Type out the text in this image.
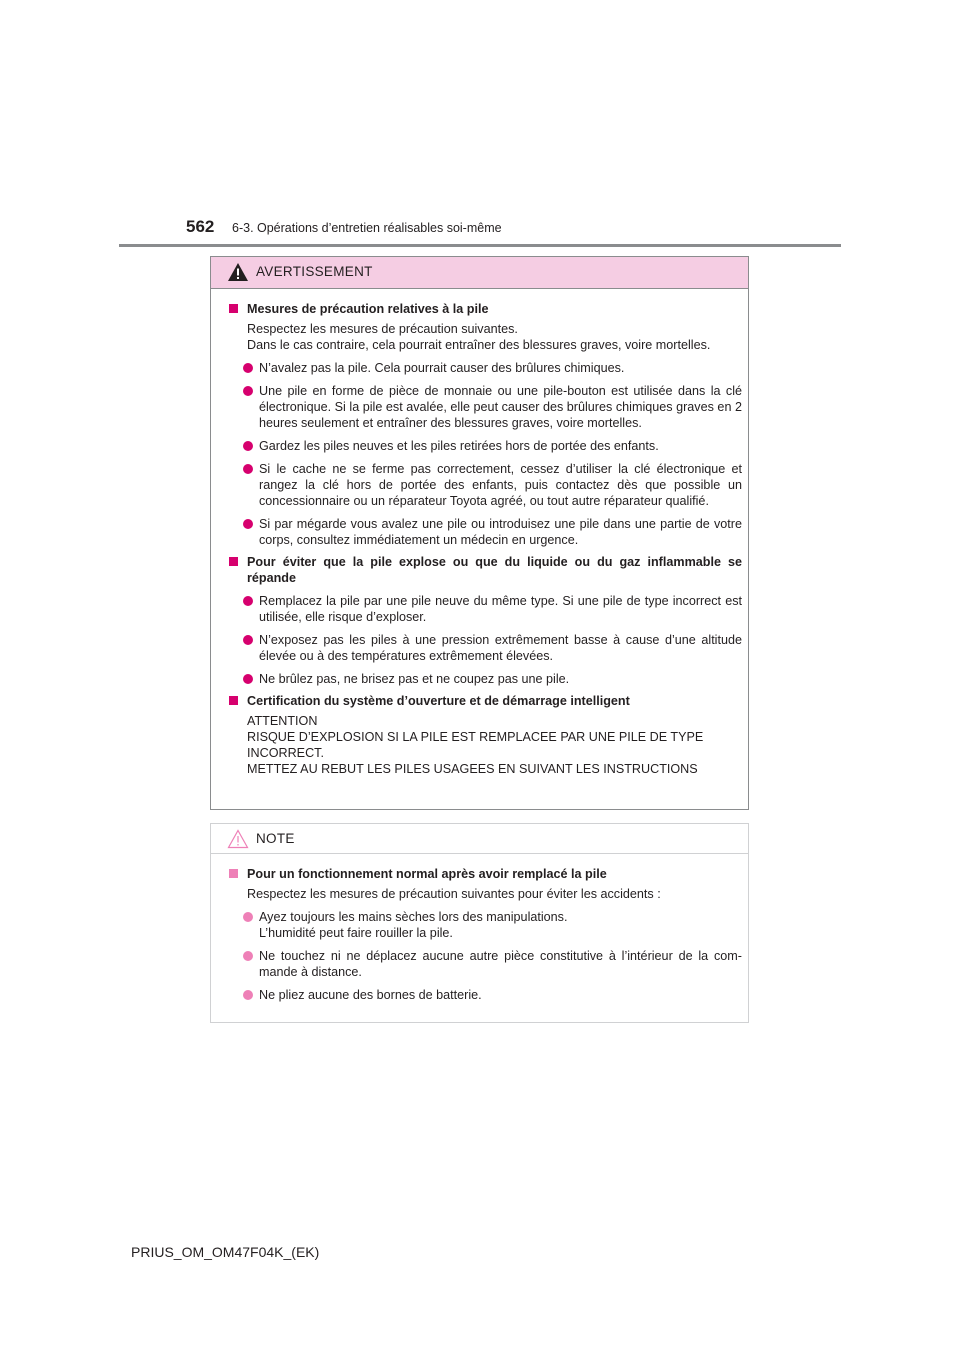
562 6-3. Opérations d’entretien réalisables soi-même
AVERTISSEMENT
Mesures de précaution relatives à la pile
Respectez les mesures de précaution suivantes.
Dans le cas contraire, cela pourrait entraîner des blessures graves, voire mortelles.
N’avalez pas la pile. Cela pourrait causer des brûlures chimiques.
Une pile en forme de pièce de monnaie ou une pile-bouton est utilisée dans la clé électronique. Si la pile est avalée, elle peut causer des brûlures chimiques graves en 2 heures seulement et entraîner des blessures graves, voire mortelles.
Gardez les piles neuves et les piles retirées hors de portée des enfants.
Si le cache ne se ferme pas correctement, cessez d’utiliser la clé électronique et rangez la clé hors de portée des enfants, puis contactez dès que possible un concessionnaire ou un réparateur Toyota agréé, ou tout autre réparateur qualifié.
Si par mégarde vous avalez une pile ou introduisez une pile dans une partie de votre corps, consultez immédiatement un médecin en urgence.
Pour éviter que la pile explose ou que du liquide ou du gaz inflammable se répande
Remplacez la pile par une pile neuve du même type. Si une pile de type incorrect est utilisée, elle risque d’exploser.
N’exposez pas les piles à une pression extrêmement basse à cause d’une altitude élevée ou à des températures extrêmement élevées.
Ne brûlez pas, ne brisez pas et ne coupez pas une pile.
Certification du système d’ouverture et de démarrage intelligent
ATTENTION
RISQUE D’EXPLOSION SI LA PILE EST REMPLACEE PAR UNE PILE DE TYPE INCORRECT.
METTEZ AU REBUT LES PILES USAGEES EN SUIVANT LES INSTRUCTIONS
NOTE
Pour un fonctionnement normal après avoir remplacé la pile
Respectez les mesures de précaution suivantes pour éviter les accidents :
Ayez toujours les mains sèches lors des manipulations.
L’humidité peut faire rouiller la pile.
Ne touchez ni ne déplacez aucune autre pièce constitutive à l’intérieur de la com-mande à distance.
Ne pliez aucune des bornes de batterie.
PRIUS_OM_OM47F04K_(EK)
